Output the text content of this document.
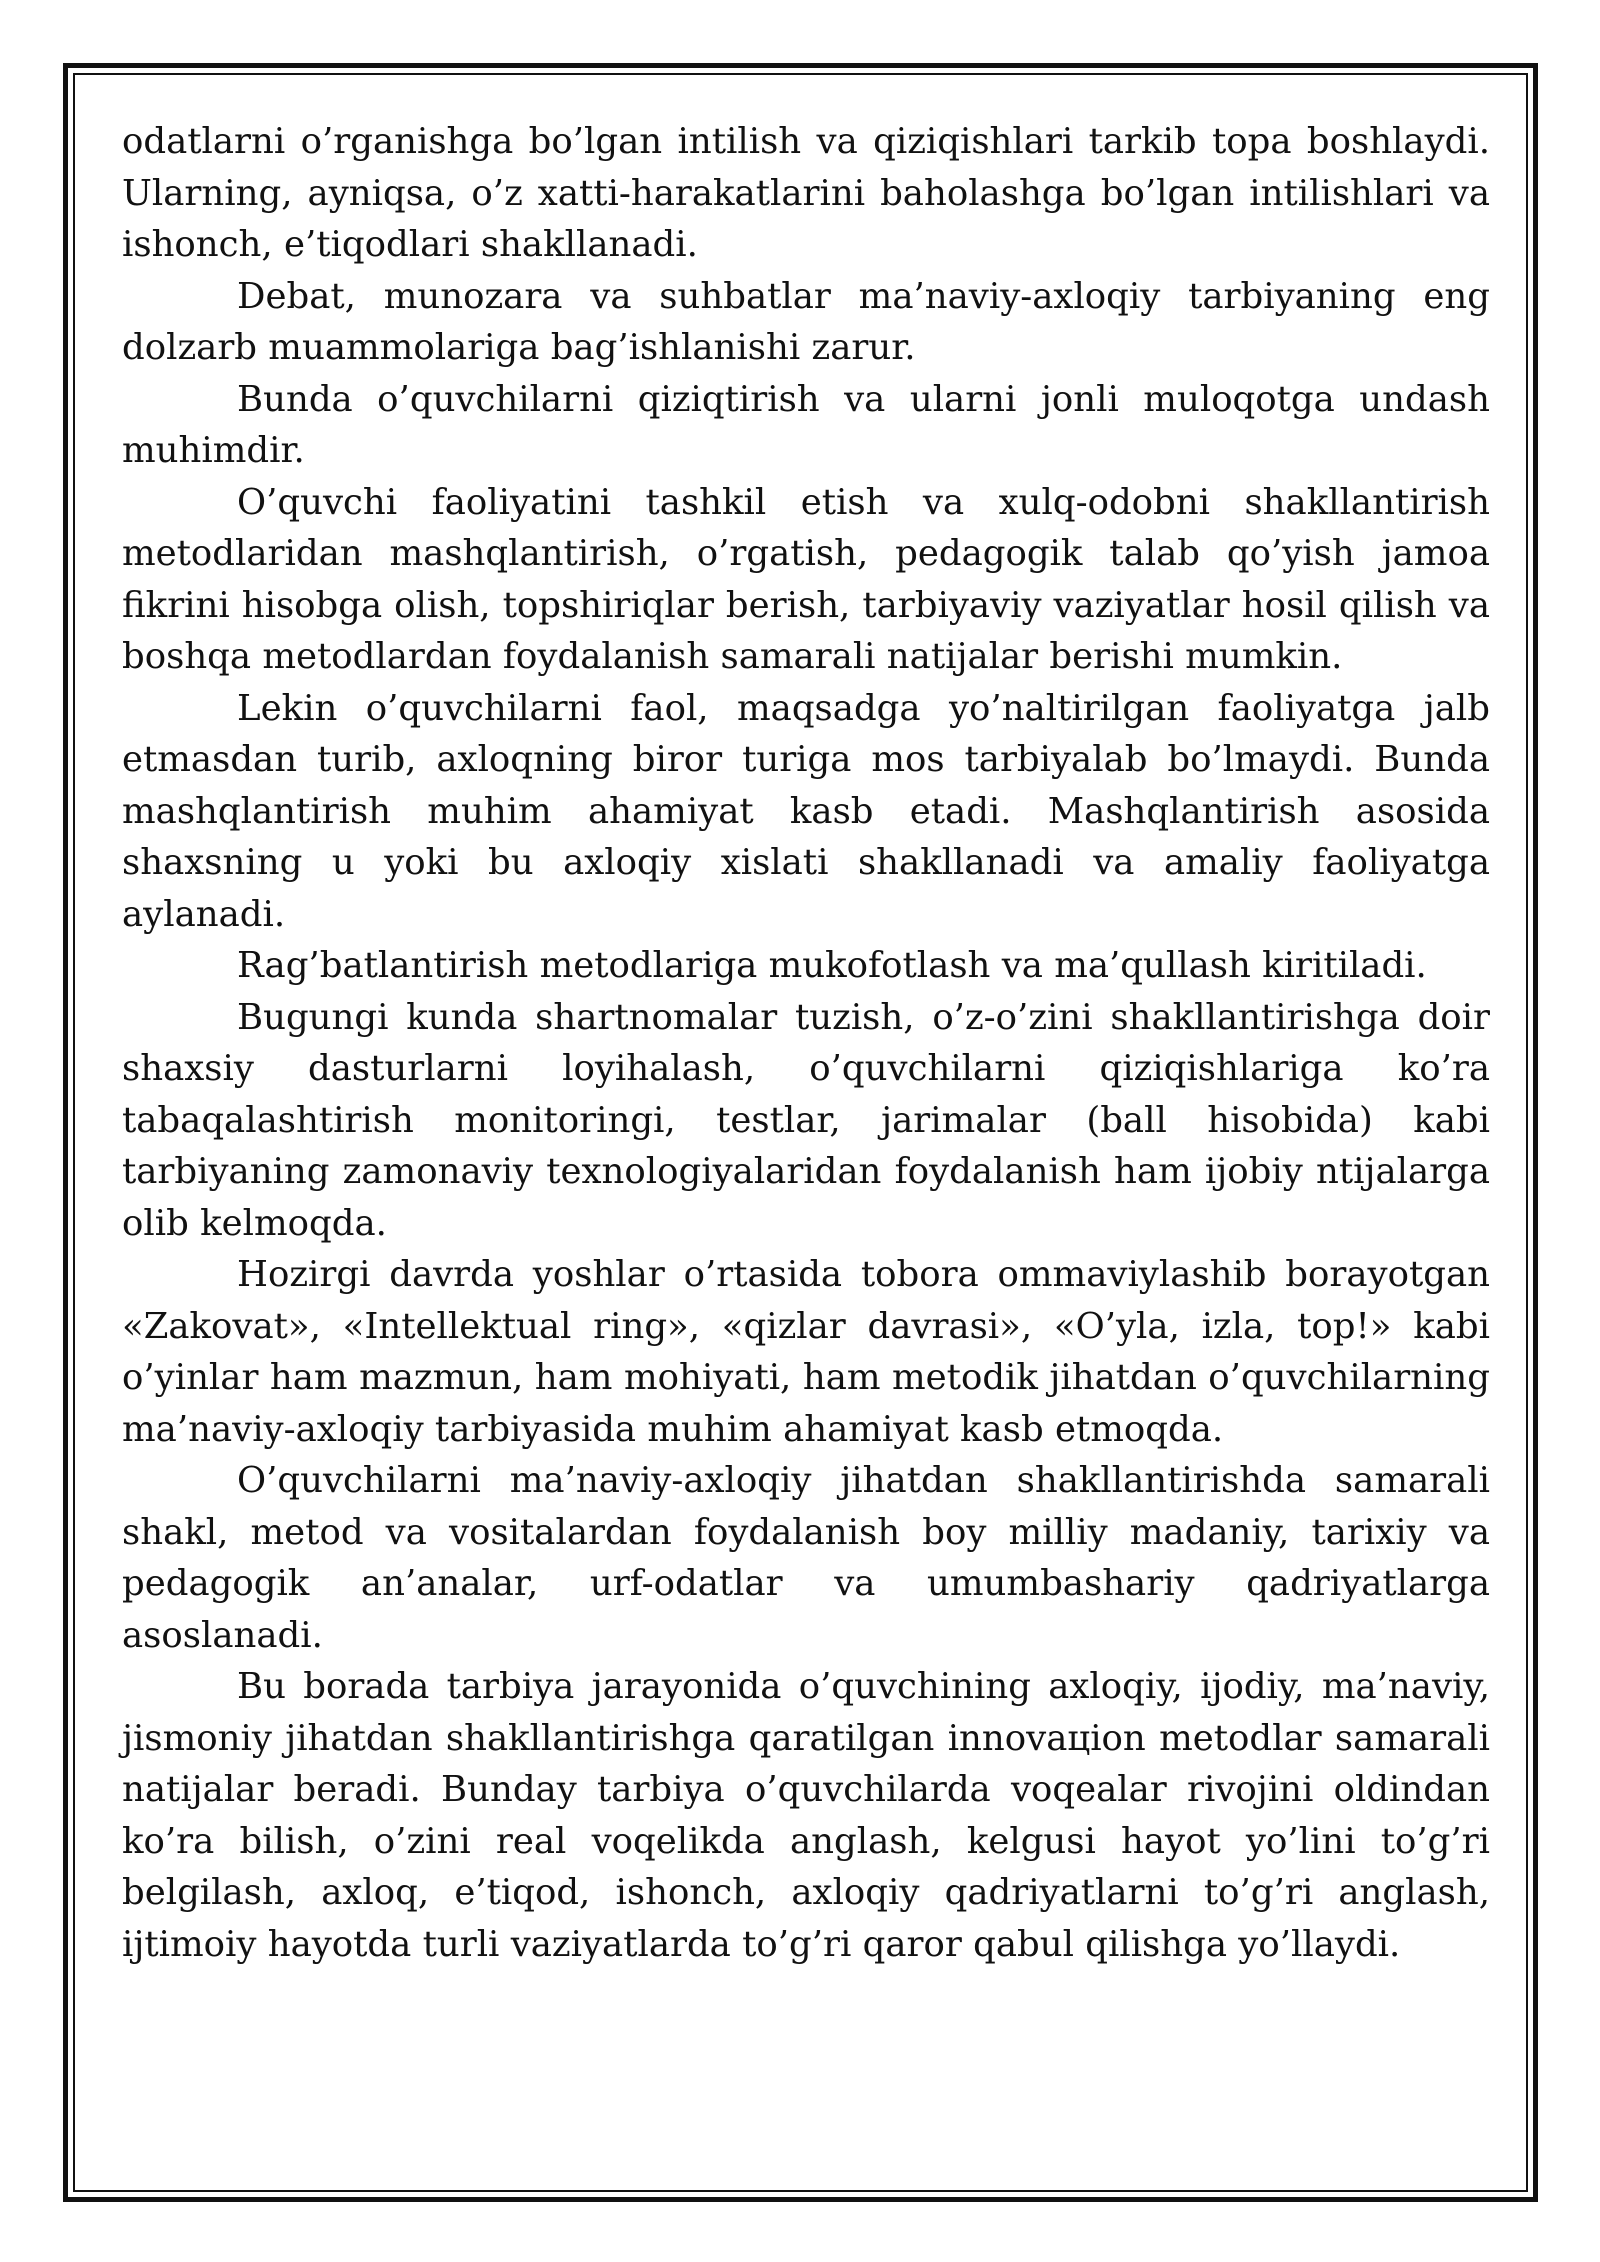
odatlarni o’rganishga bo’lgan intilish va qiziqishlari tarkib topa boshlaydi. Ularning, ayniqsa, o’z xatti-harakatlarini baholashga bo’lgan intilishlari va ishonch, e’tiqodlari shakllanadi.

Debat, munozara va suhbatlar ma’naviy-axloqiy tarbiyaning eng dolzarb muammolariga bag’ishlanishi zarur.

Bunda o’quvchilarni qiziqtirish va ularni jonli muloqotga undash muhimdir.

O’quvchi faoliyatini tashkil etish va xulq-odobni shakllantirish metodlaridan mashqlantirish, o’rgatish, pedagogik talab qo’yish jamoa fikrini hisobga olish, topshiriqlar berish, tarbiyaviy vaziyatlar hosil qilish va boshqa metodlardan foydalanish samarali natijalar berishi mumkin.

Lekin o’quvchilarni faol, maqsadga yo’naltirilgan faoliyatga jalb etmasdan turib, axloqning biror turiga mos tarbiyalab bo’lmaydi. Bunda mashqlantirish muhim ahamiyat kasb etadi. Mashqlantirish asosida shaxsning u yoki bu axloqiy xislati shakllanadi va amaliy faoliyatga aylanadi.

Rag’batlantirish metodlariga mukofotlash va ma’qullash kiritiladi.

Bugungi kunda shartnomalar tuzish, o’z-o’zini shakllantirishga doir shaxsiy dasturlarni loyihalash, o’quvchilarni qiziqishlariga ko’ra tabaqalashtirish monitoringi, testlar, jarimalar (ball hisobida) kabi tarbiyaning zamonaviy texnologiyalaridan foydalanish ham ijobiy ntijalarga olib kelmoqda.

Hozirgi davrda yoshlar o’rtasida tobora ommaviylashib borayotgan «Zakovat», «Intellektual ring», «qizlar davrasi», «O’yla, izla, top!» kabi o’yinlar ham mazmun, ham mohiyati, ham metodik jihatdan o’quvchilarning ma’naviy-axloqiy tarbiyasida muhim ahamiyat kasb etmoqda.

O’quvchilarni ma’naviy-axloqiy jihatdan shakllantirishda samarali shakl, metod va vositalardan foydalanish boy milliy madaniy, tarixiy va pedagogik an’analar, urf-odatlar va umumbashariy qadriyatlarga asoslanadi.

Bu borada tarbiya jarayonida o’quvchining axloqiy, ijodiy, ma’naviy, jismoniy jihatdan shakllantirishga qaratilgan innovaцion metodlar samarali natijalar beradi. Bunday tarbiya o’quvchilarda voqealar rivojini oldindan ko’ra bilish, o’zini real voqelikda anglash, kelgusi hayot yo’lini to’g’ri belgilash, axloq, e’tiqod, ishonch, axloqiy qadriyatlarni to’g’ri anglash, ijtimoiy hayotda turli vaziyatlarda to’g’ri qaror qabul qilishga yo’llaydi.
